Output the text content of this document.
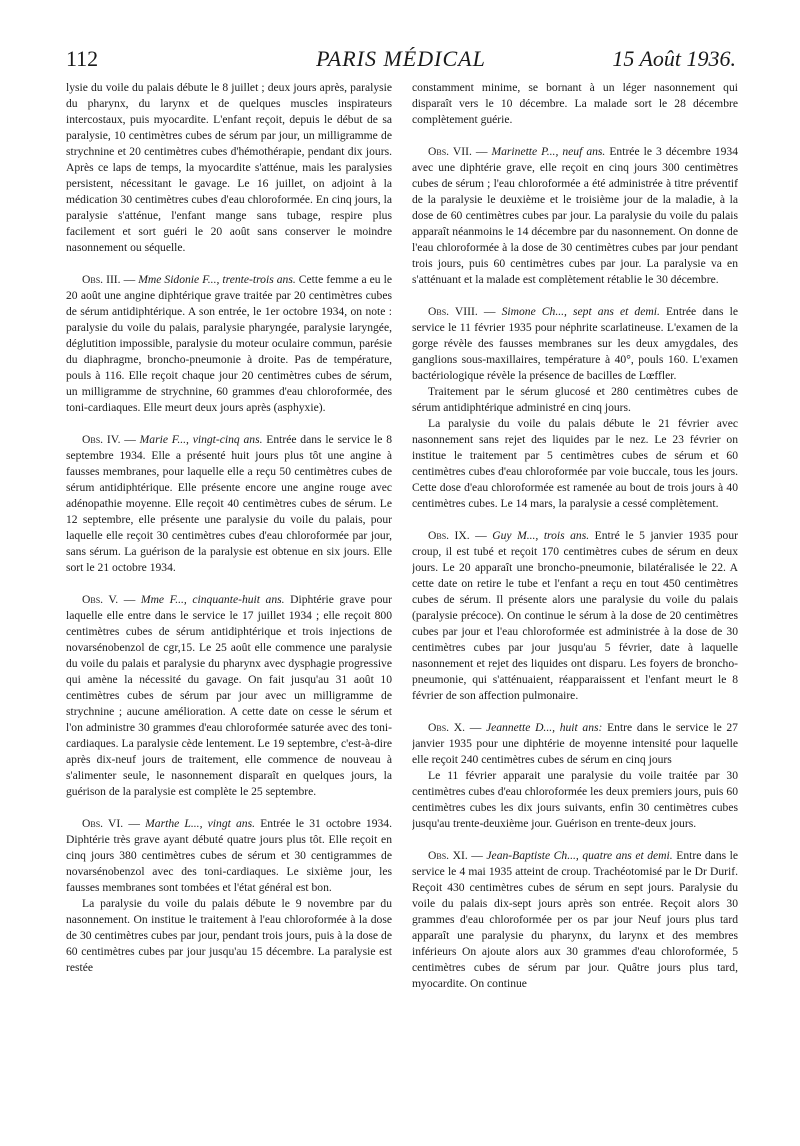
112	PARIS MÉDICAL	15 Août 1936.

lysie du voile du palais débute le 8 juillet ; deux jours après, paralysie du pharynx, du larynx et de quelques muscles inspirateurs intercostaux, puis myocardite. L'enfant reçoit, depuis le début de sa paralysie, 10 centimètres cubes de sérum par jour, un milligramme de strychnine et 20 centimètres cubes d'hémothérapie, pendant dix jours. Après ce laps de temps, la myocardite s'atténue, mais les paralysies persistent, nécessitant le gavage. Le 16 juillet, on adjoint à la médication 30 centimètres cubes d'eau chloroformée. En cinq jours, la paralysie s'atténue, l'enfant mange sans tubage, respire plus facilement et sort guéri le 20 août sans conserver le moindre nasonnement ou séquelle.

Obs. III. — Mme Sidonie F..., trente-trois ans. Cette femme a eu le 20 août une angine diphtérique grave traitée par 20 centimètres cubes de sérum antidiphtérique. A son entrée, le 1er octobre 1934, on note : paralysie du voile du palais, paralysie pharyngée, paralysie laryngée, déglutition impossible, paralysie du moteur oculaire commun, parésie du diaphragme, broncho-pneumonie à droite. Pas de température, pouls à 116. Elle reçoit chaque jour 20 centimètres cubes de sérum, un milligramme de strychnine, 60 grammes d'eau chloroformée, des toni-cardiaques. Elle meurt deux jours après (asphyxie).

Obs. IV. — Marie F..., vingt-cinq ans. Entrée dans le service le 8 septembre 1934. Elle a présenté huit jours plus tôt une angine à fausses membranes, pour laquelle elle a reçu 50 centimètres cubes de sérum antidiphtérique. Elle présente encore une angine rouge avec adénopathie moyenne. Elle reçoit 40 centimètres cubes de sérum. Le 12 septembre, elle présente une paralysie du voile du palais, pour laquelle elle reçoit 30 centimètres cubes d'eau chloroformée par jour, sans sérum. La guérison de la paralysie est obtenue en six jours. Elle sort le 21 octobre 1934.

Obs. V. — Mme F..., cinquante-huit ans. Diphtérie grave pour laquelle elle entre dans le service le 17 juillet 1934 ; elle reçoit 800 centimètres cubes de sérum antidiphtérique et trois injections de novarsénobenzol de cgr,15. Le 25 août elle commence une paralysie du voile du palais et paralysie du pharynx avec dysphagie progressive qui amène la nécessité du gavage. On fait jusqu'au 31 août 10 centimètres cubes de sérum par jour avec un milligramme de strychnine ; aucune amélioration. A cette date on cesse le sérum et l'on administre 30 grammes d'eau chloroformée saturée avec des toni-cardiaques. La paralysie cède lentement. Le 19 septembre, c'est-à-dire après dix-neuf jours de traitement, elle commence de nouveau à s'alimenter seule, le nasonnement disparaît en quelques jours, la guérison de la paralysie est complète le 25 septembre.

Obs. VI. — Marthe L..., vingt ans. Entrée le 31 octobre 1934. Diphtérie très grave ayant débuté quatre jours plus tôt. Elle reçoit en cinq jours 380 centimètres cubes de sérum et 30 centigrammes de novarsénobenzol avec des toni-cardiaques. Le sixième jour, les fausses membranes sont tombées et l'état général est bon.

La paralysie du voile du palais débute le 9 novembre par du nasonnement. On institue le traitement à l'eau chloroformée à la dose de 30 centimètres cubes par jour, pendant trois jours, puis à la dose de 60 centimètres cubes par jour jusqu'au 15 décembre. La paralysie est restée

constamment minime, se bornant à un léger nasonnement qui disparaît vers le 10 décembre. La malade sort le 28 décembre complètement guérie.

Obs. VII. — Marinette P..., neuf ans. Entrée le 3 décembre 1934 avec une diphtérie grave, elle reçoit en cinq jours 300 centimètres cubes de sérum ; l'eau chloroformée a été administrée à titre préventif de la paralysie le deuxième et le troisième jour de la maladie, à la dose de 60 centimètres cubes par jour. La paralysie du voile du palais apparaît néanmoins le 14 décembre par du nasonnement. On donne de l'eau chloroformée à la dose de 30 centimètres cubes par jour pendant trois jours, puis 60 centimètres cubes par jour. La paralysie va en s'atténuant et la malade est complètement rétablie le 30 décembre.

Obs. VIII. — Simone Ch..., sept ans et demi. Entrée dans le service le 11 février 1935 pour néphrite scarlatineuse. L'examen de la gorge révèle des fausses membranes sur les deux amygdales, des ganglions sous-maxillaires, température à 40°, pouls 160. L'examen bactériologique révèle la présence de bacilles de Lœffler.

Traitement par le sérum glucosé et 280 centimètres cubes de sérum antidiphtérique administré en cinq jours.

La paralysie du voile du palais débute le 21 février avec nasonnement sans rejet des liquides par le nez. Le 23 février on institue le traitement par 5 centimètres cubes de sérum et 60 centimètres cubes d'eau chloroformée par voie buccale, tous les jours. Cette dose d'eau chloroformée est ramenée au bout de trois jours à 40 centimètres cubes. Le 14 mars, la paralysie a cessé complètement.

Obs. IX. — Guy M..., trois ans. Entré le 5 janvier 1935 pour croup, il est tubé et reçoit 170 centimètres cubes de sérum en deux jours. Le 20 apparaît une broncho-pneumonie, bilatéralisée le 22. A cette date on retire le tube et l'enfant a reçu en tout 450 centimètres cubes de sérum. Il présente alors une paralysie du voile du palais (paralysie précoce). On continue le sérum à la dose de 20 centimètres cubes par jour et l'eau chloroformée est administrée à la dose de 30 centimètres cubes par jour jusqu'au 5 février, date à laquelle nasonnement et rejet des liquides ont disparu. Les foyers de broncho-pneumonie, qui s'atténuaient, réapparaissent et l'enfant meurt le 8 février de son affection pulmonaire.

Obs. X. — Jeannette D..., huit ans: Entre dans le service le 27 janvier 1935 pour une diphtérie de moyenne intensité pour laquelle elle reçoit 240 centimètres cubes de sérum en cinq jours

Le 11 février apparait une paralysie du voile traitée par 30 centimètres cubes d'eau chloroformée les deux premiers jours, puis 60 centimètres cubes les dix jours suivants, enfin 30 centimètres cubes jusqu'au trente-deuxième jour. Guérison en trente-deux jours.

Obs. XI. — Jean-Baptiste Ch..., quatre ans et demi. Entre dans le service le 4 mai 1935 atteint de croup. Trachéotomisé par le Dr Durif. Reçoit 430 centimètres cubes de sérum en sept jours. Paralysie du voile du palais dix-sept jours après son entrée. Reçoit alors 30 grammes d'eau chloroformée per os par jour Neuf jours plus tard apparaît une paralysie du pharynx, du larynx et des membres inférieurs On ajoute alors aux 30 grammes d'eau chloroformée, 5 centimètres cubes de sérum par jour. Quâtre jours plus tard, myocardite. On continue
